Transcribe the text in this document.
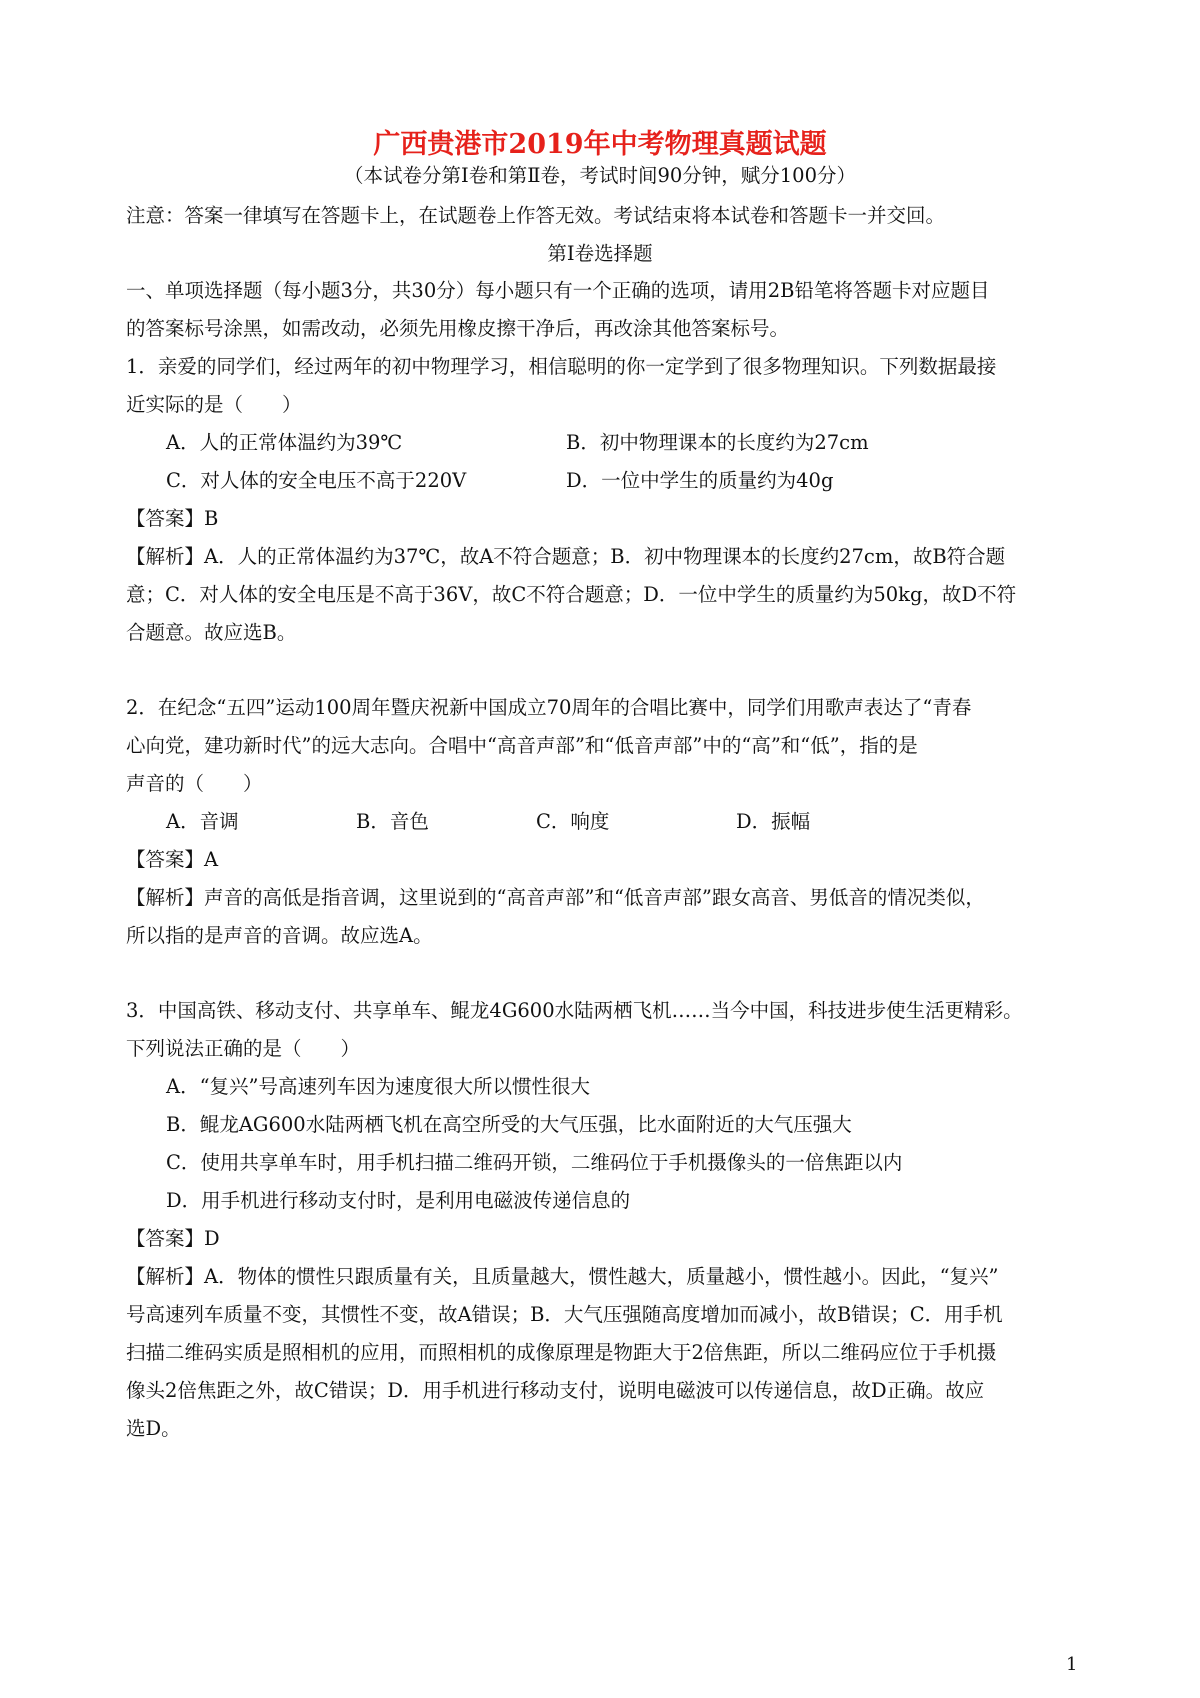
广西贵港市2019年中考物理真题试题
（本试卷分第Ⅰ卷和第Ⅱ卷，考试时间90分钟，赋分100分）
注意：答案一律填写在答题卡上，在试题卷上作答无效。考试结束将本试卷和答题卡一并交回。
第Ⅰ卷选择题
一、单项选择题（每小题3分，共30分）每小题只有一个正确的选项，请用2B铅笔将答题卡对应题目
的答案标号涂黑，如需改动，必须先用橡皮擦干净后，再改涂其他答案标号。
1．亲爱的同学们，经过两年的初中物理学习，相信聪明的你一定学到了很多物理知识。下列数据最接
近实际的是（　　）
A．人的正常体温约为39℃	B．初中物理课本的长度约为27cm
C．对人体的安全电压不高于220V	D．一位中学生的质量约为40g
【答案】B
【解析】A．人的正常体温约为37℃，故A不符合题意；B．初中物理课本的长度约27cm，故B符合题
意；C．对人体的安全电压是不高于36V，故C不符合题意；D．一位中学生的质量约为50kg，故D不符
合题意。故应选B。
2．在纪念“五四”运动100周年暨庆祝新中国成立70周年的合唱比赛中，同学们用歌声表达了“青春
心向党，建功新时代”的远大志向。合唱中“高音声部”和“低音声部”中的“高”和“低”，指的是
声音的（　　）
A．音调	B．音色	C．响度	D．振幅
【答案】A
【解析】声音的高低是指音调，这里说到的“高音声部”和“低音声部”跟女高音、男低音的情况类似，
所以指的是声音的音调。故应选A。
3．中国高铁、移动支付、共享单车、鲲龙4G600水陆两栖飞机……当今中国，科技进步使生活更精彩。
下列说法正确的是（　　）
A．“复兴”号高速列车因为速度很大所以惯性很大
B．鲲龙AG600水陆两栖飞机在高空所受的大气压强，比水面附近的大气压强大
C．使用共享单车时，用手机扫描二维码开锁，二维码位于手机摄像头的一倍焦距以内
D．用手机进行移动支付时，是利用电磁波传递信息的
【答案】D
【解析】A．物体的惯性只跟质量有关，且质量越大，惯性越大，质量越小，惯性越小。因此，“复兴”
号高速列车质量不变，其惯性不变，故A错误；B．大气压强随高度增加而减小，故B错误；C．用手机
扫描二维码实质是照相机的应用，而照相机的成像原理是物距大于2倍焦距，所以二维码应位于手机摄
像头2倍焦距之外，故C错误；D．用手机进行移动支付，说明电磁波可以传递信息，故D正确。故应
选D。
1
